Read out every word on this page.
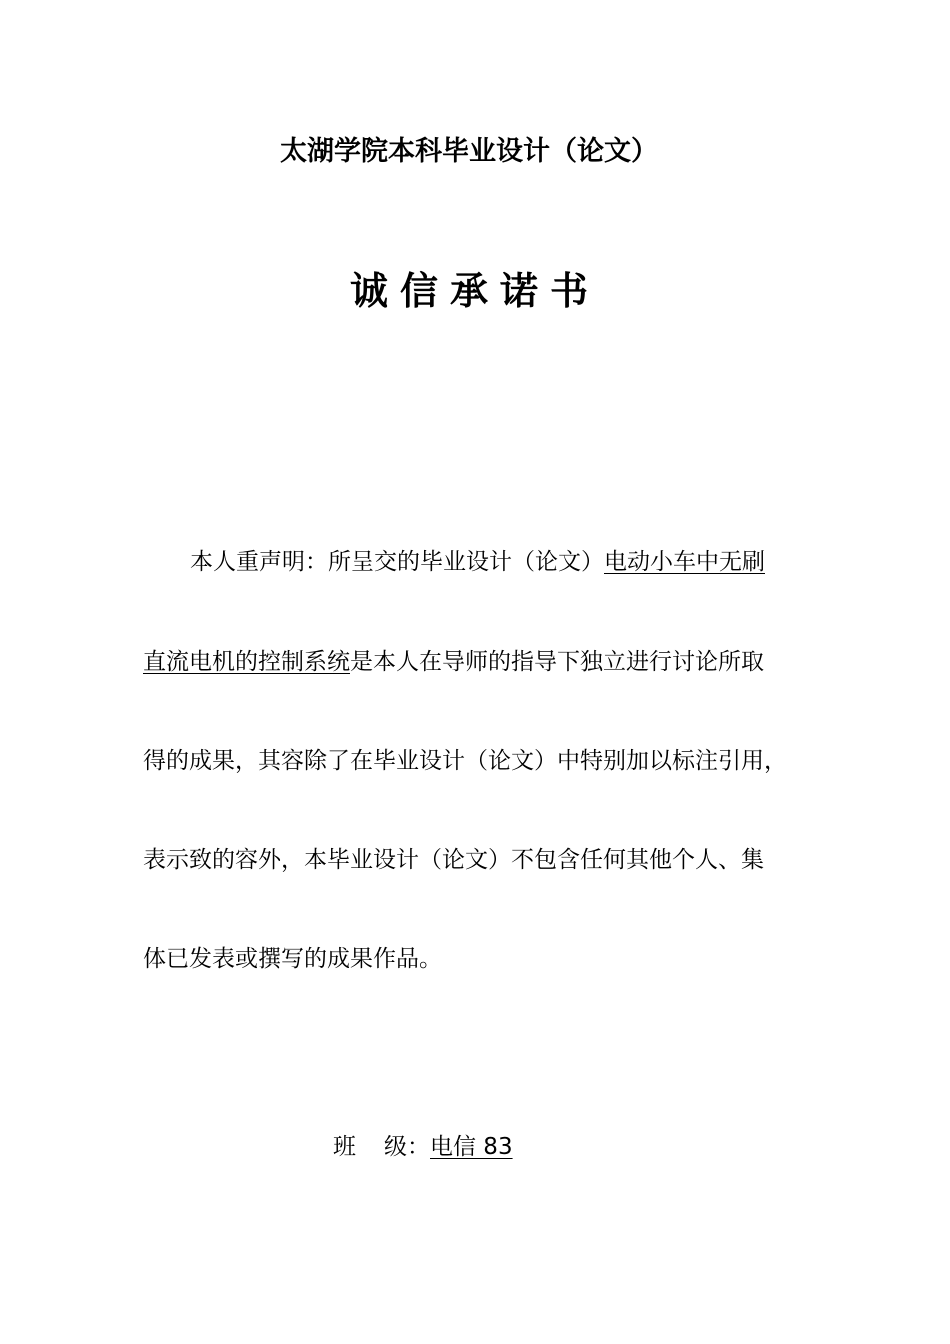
太湖学院本科毕业设计（论文）
诚信承诺书
本人重声明：所呈交的毕业设计（论文）电动小车中无刷
直流电机的控制系统是本人在导师的指导下独立进行讨论所取
得的成果，其容除了在毕业设计（论文）中特别加以标注引用，
表示致的容外，本毕业设计（论文）不包含任何其他个人、集
体已发表或撰写的成果作品。
班 级：电信 83
